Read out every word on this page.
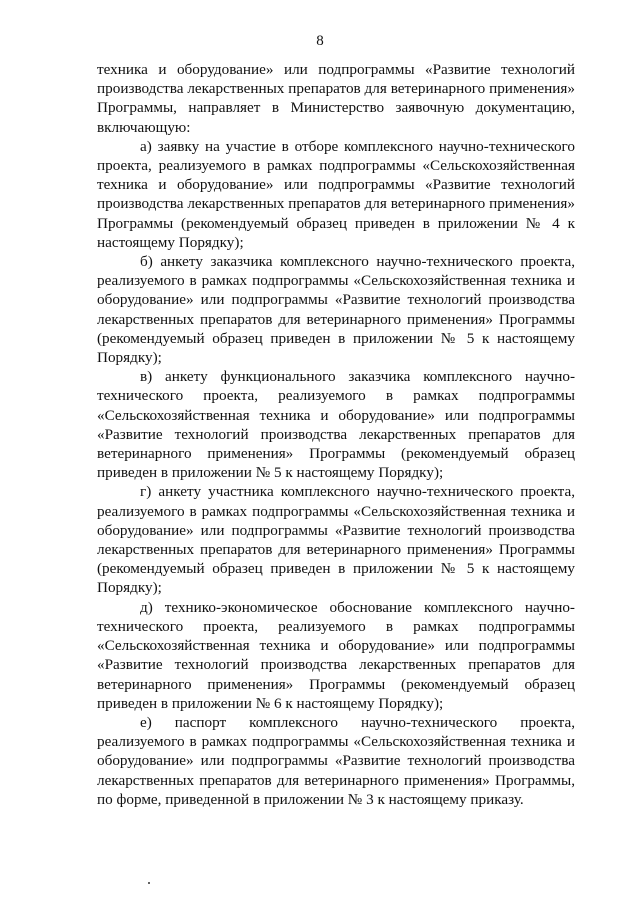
8

техника и оборудование» или подпрограммы «Развитие технологий производства лекарственных препаратов для ветеринарного применения» Программы, направляет в Министерство заявочную документацию, включающую:

а) заявку на участие в отборе комплексного научно-технического проекта, реализуемого в рамках подпрограммы «Сельскохозяйственная техника и оборудование» или подпрограммы «Развитие технологий производства лекарственных препаратов для ветеринарного применения» Программы (рекомендуемый образец приведен в приложении № 4 к настоящему Порядку);

б) анкету заказчика комплексного научно-технического проекта, реализуемого в рамках подпрограммы «Сельскохозяйственная техника и оборудование» или подпрограммы «Развитие технологий производства лекарственных препаратов для ветеринарного применения» Программы (рекомендуемый образец приведен в приложении № 5 к настоящему Порядку);

в) анкету функционального заказчика комплексного научно-технического проекта, реализуемого в рамках подпрограммы «Сельскохозяйственная техника и оборудование» или подпрограммы «Развитие технологий производства лекарственных препаратов для ветеринарного применения» Программы (рекомендуемый образец приведен в приложении № 5 к настоящему Порядку);

г) анкету участника комплексного научно-технического проекта, реализуемого в рамках подпрограммы «Сельскохозяйственная техника и оборудование» или подпрограммы «Развитие технологий производства лекарственных препаратов для ветеринарного применения» Программы (рекомендуемый образец приведен в приложении № 5 к настоящему Порядку);

д) технико-экономическое обоснование комплексного научно-технического проекта, реализуемого в рамках подпрограммы «Сельскохозяйственная техника и оборудование» или подпрограммы «Развитие технологий производства лекарственных препаратов для ветеринарного применения» Программы (рекомендуемый образец приведен в приложении № 6 к настоящему Порядку);

е) паспорт комплексного научно-технического проекта, реализуемого в рамках подпрограммы «Сельскохозяйственная техника и оборудование» или подпрограммы «Развитие технологий производства лекарственных препаратов для ветеринарного применения» Программы, по форме, приведенной в приложении № 3 к настоящему приказу.
